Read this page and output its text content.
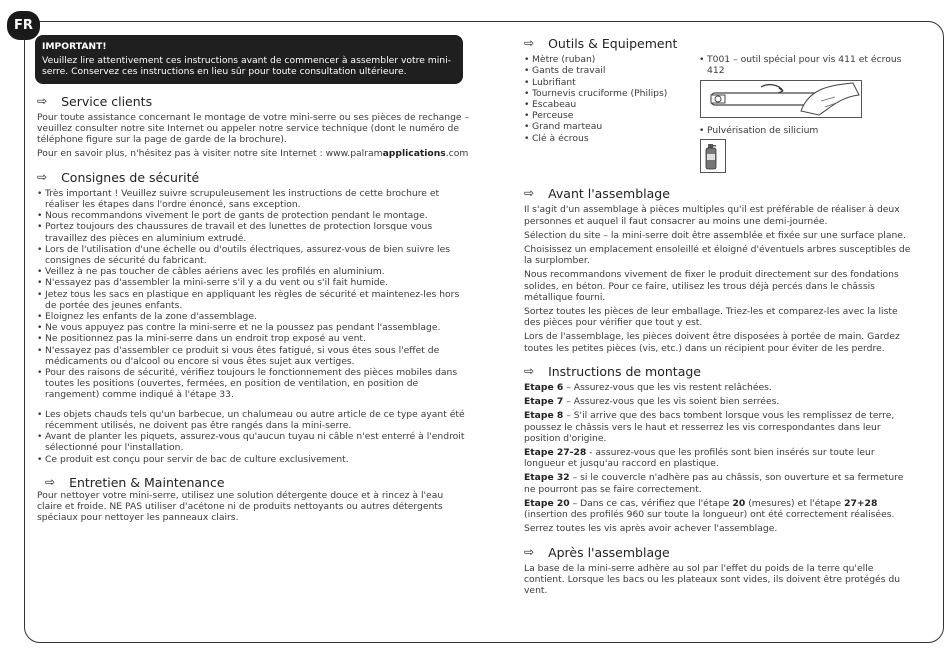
FR
IMPORTANT!
Veuillez lire attentivement ces instructions avant de commencer à assembler votre mini-serre. Conservez ces instructions en lieu sûr pour toute consultation ultérieure.
⇨ Service clients

Pour toute assistance concernant le montage de votre mini-serre ou ses pièces de rechange – veuillez consulter notre site Internet ou appeler notre service technique (dont le numéro de téléphone figure sur la page de garde de la brochure).

Pour en savoir plus, n'hésitez pas à visiter notre site Internet : www.palramapplications.com

⇨ Consignes de sécurité
• Très important ! Veuillez suivre scrupuleusement les instructions de cette brochure et réaliser les étapes dans l'ordre énoncé, sans exception.
• Nous recommandons vivement le port de gants de protection pendant le montage.
• Portez toujours des chaussures de travail et des lunettes de protection lorsque vous travaillez des pièces en aluminium extrudé.
• Lors de l'utilisation d'une échelle ou d'outils électriques, assurez-vous de bien suivre les consignes de sécurité du fabricant.
• Veillez à ne pas toucher de câbles aériens avec les profilés en aluminium.
• N'essayez pas d'assembler la mini-serre s'il y a du vent ou s'il fait humide.
• Jetez tous les sacs en plastique en appliquant les règles de sécurité et maintenez-les hors de portée des jeunes enfants.
• Eloignez les enfants de la zone d'assemblage.
• Ne vous appuyez pas contre la mini-serre et ne la poussez pas pendant l'assemblage.
• Ne positionnez pas la mini-serre dans un endroit trop exposé au vent.
• N'essayez pas d'assembler ce produit si vous êtes fatigué, si vous êtes sous l'effet de médicaments ou d'alcool ou encore si vous êtes sujet aux vertiges.
• Pour des raisons de sécurité, vérifiez toujours le fonctionnement des pièces mobiles dans toutes les positions (ouvertes, fermées, en position de ventilation, en position de rangement) comme indiqué à l'étape 33.
• Les objets chauds tels qu'un barbecue, un chalumeau ou autre article de ce type ayant été récemment utilisés, ne doivent pas être rangés dans la mini-serre.
• Avant de planter les piquets, assurez-vous qu'aucun tuyau ni câble n'est enterré à l'endroit sélectionné pour l'installation.
• Ce produit est conçu pour servir de bac de culture exclusivement.
⇨ Entretien & Maintenance

Pour nettoyer votre mini-serre, utilisez une solution détergente douce et à rincez à l'eau claire et froide. NE PAS utiliser d'acétone ni de produits nettoyants ou autres détergents spéciaux pour nettoyer les panneaux clairs.

⇨ Outils & Equipement
• Mètre (ruban)
• Gants de travail
• Lubrifiant
• Tournevis cruciforme (Philips)
• Escabeau
• Perceuse
• Grand marteau
• Clé à écrous
• T001 – outil spécial pour vis 411 et écrous 412
• Pulvérisation de silicium
⇨ Avant l'assemblage

Il s'agit d'un assemblage à pièces multiples qu'il est préférable de réaliser à deux personnes et auquel il faut consacrer au moins une demi-journée.

Sélection du site – la mini-serre doit être assemblée et fixée sur une surface plane.

Choisissez un emplacement ensoleillé et éloigné d'éventuels arbres susceptibles de la surplomber.

Nous recommandons vivement de fixer le produit directement sur des fondations solides, en béton. Pour ce faire, utilisez les trous déjà percés dans le châssis métallique fourni.

Sortez toutes les pièces de leur emballage. Triez-les et comparez-les avec la liste des pièces pour vérifier que tout y est.

Lors de l'assemblage, les pièces doivent être disposées à portée de main. Gardez toutes les petites pièces (vis, etc.) dans un récipient pour éviter de les perdre.

⇨ Instructions de montage

Etape 6 – Assurez-vous que les vis restent relâchées.

Etape 7 – Assurez-vous que les vis soient bien serrées.

Etape 8 – S'il arrive que des bacs tombent lorsque vous les remplissez de terre, poussez le châssis vers le haut et resserrez les vis correspondantes dans leur position d'origine.

Etape 27-28 - assurez-vous que les profilés sont bien insérés sur toute leur longueur et jusqu'au raccord en plastique.

Etape 32 – si le couvercle n'adhère pas au châssis, son ouverture et sa fermeture ne pourront pas se faire correctement.

Etape 20 – Dans ce cas, vérifiez que l'étape 20 (mesures) et l'étape 27+28 (insertion des profilés 960 sur toute la longueur) ont été correctement réalisées.

Serrez toutes les vis après avoir achever l'assemblage.

⇨ Après l'assemblage

La base de la mini-serre adhère au sol par l'effet du poids de la terre qu'elle contient. Lorsque les bacs ou les plateaux sont vides, ils doivent être protégés du vent.
